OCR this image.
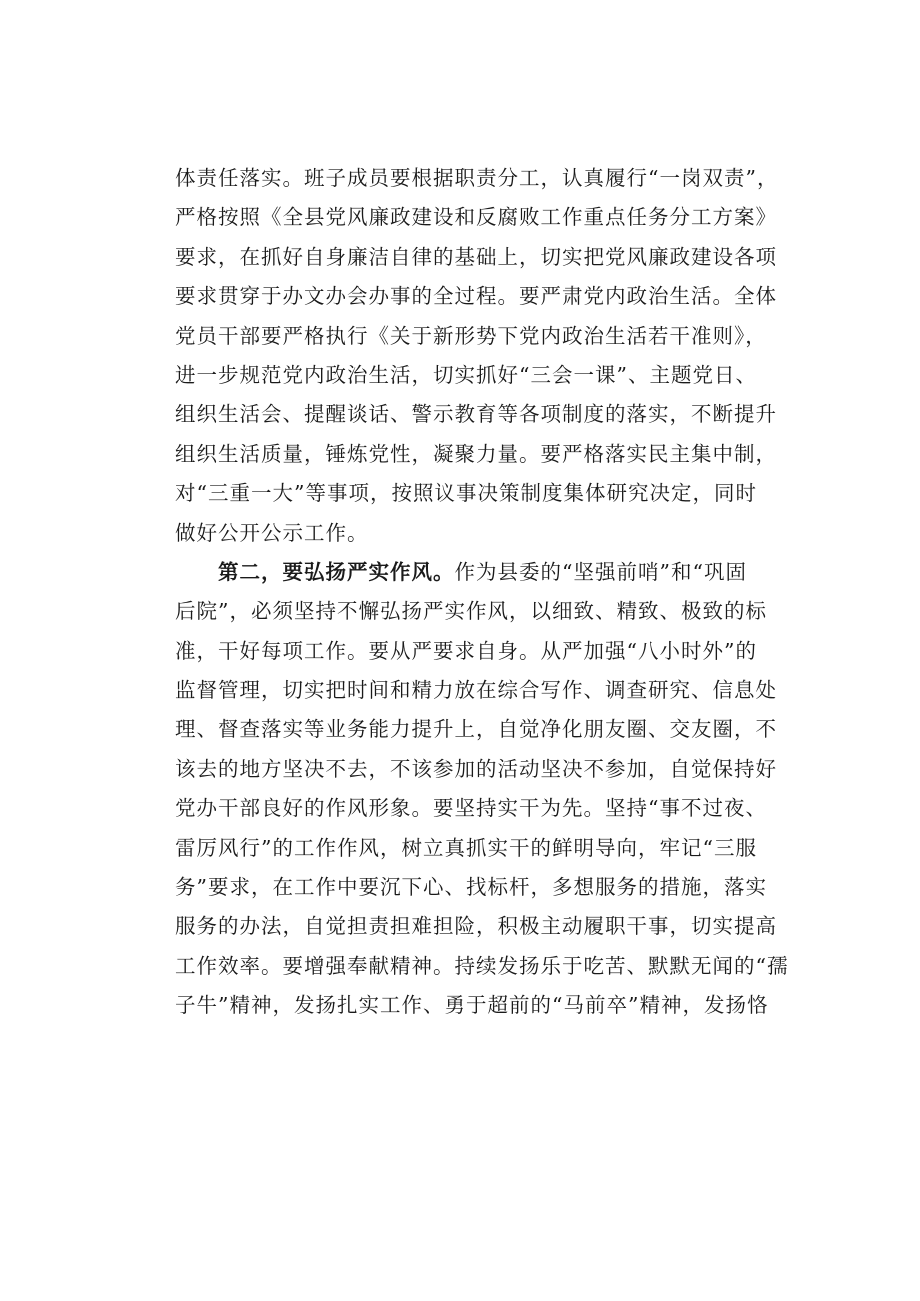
体责任落实。班子成员要根据职责分工，认真履行“一岗双责”，
严格按照《全县党风廉政建设和反腐败工作重点任务分工方案》
要求，在抓好自身廉洁自律的基础上，切实把党风廉政建设各项
要求贯穿于办文办会办事的全过程。要严肃党内政治生活。全体
党员干部要严格执行《关于新形势下党内政治生活若干准则》，
进一步规范党内政治生活，切实抓好“三会一课”、主题党日、
组织生活会、提醒谈话、警示教育等各项制度的落实，不断提升
组织生活质量，锤炼党性，凝聚力量。要严格落实民主集中制，
对“三重一大”等事项，按照议事决策制度集体研究决定，同时
做好公开公示工作。
第二，要弘扬严实作风。作为县委的“坚强前哨”和“巩固
后院”，必须坚持不懈弘扬严实作风，以细致、精致、极致的标
准，干好每项工作。要从严要求自身。从严加强“八小时外”的
监督管理，切实把时间和精力放在综合写作、调查研究、信息处
理、督查落实等业务能力提升上，自觉净化朋友圈、交友圈，不
该去的地方坚决不去，不该参加的活动坚决不参加，自觉保持好
党办干部良好的作风形象。要坚持实干为先。坚持“事不过夜、
雷厉风行”的工作作风，树立真抓实干的鲜明导向，牢记“三服
务”要求，在工作中要沉下心、找标杆，多想服务的措施，落实
服务的办法，自觉担责担难担险，积极主动履职干事，切实提高
工作效率。要增强奉献精神。持续发扬乐于吃苦、默默无闻的“孺
子牛”精神，发扬扎实工作、勇于超前的“马前卒”精神，发扬恪
